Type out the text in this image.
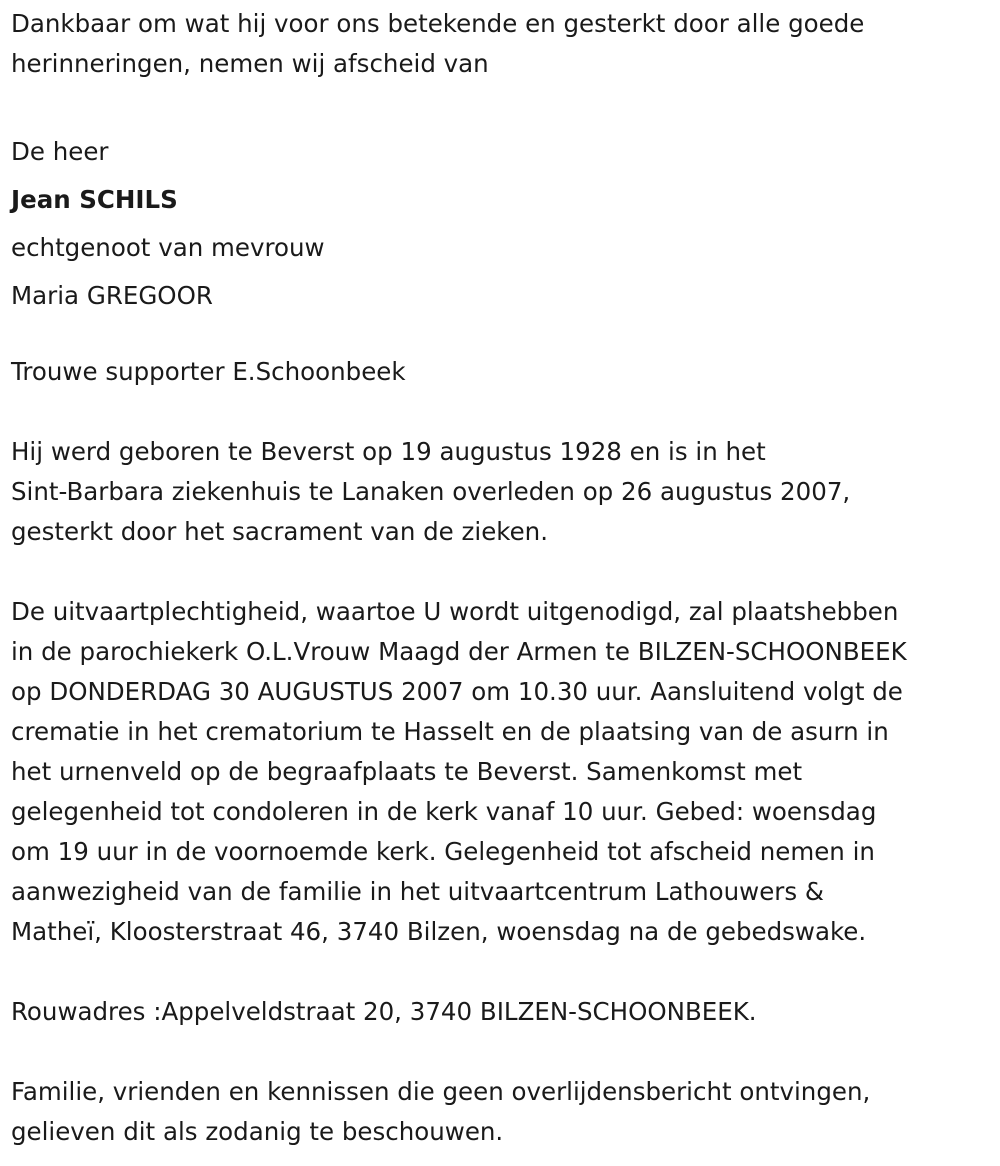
Dankbaar om wat hij voor ons betekende en gesterkt door alle goede
herinneringen, nemen wij afscheid van

De heer
Jean SCHILS
echtgenoot van mevrouw
Maria GREGOOR

Trouwe supporter E.Schoonbeek

Hij werd geboren te Beverst op 19 augustus 1928 en is in het
Sint-Barbara ziekenhuis te Lanaken overleden op 26 augustus 2007,
gesterkt door het sacrament van de zieken.

De uitvaartplechtigheid, waartoe U wordt uitgenodigd, zal plaatshebben
in de parochiekerk O.L.Vrouw Maagd der Armen te BILZEN-SCHOONBEEK
op DONDERDAG 30 AUGUSTUS 2007 om 10.30 uur. Aansluitend volgt de
crematie in het crematorium te Hasselt en de plaatsing van de asurn in
het urnenveld op de begraafplaats te Beverst. Samenkomst met
gelegenheid tot condoleren in de kerk vanaf 10 uur. Gebed: woensdag
om 19 uur in de voornoemde kerk. Gelegenheid tot afscheid nemen in
aanwezigheid van de familie in het uitvaartcentrum Lathouwers &
Matheï, Kloosterstraat 46, 3740 Bilzen, woensdag na de gebedswake.

Rouwadres :Appelveldstraat 20, 3740 BILZEN-SCHOONBEEK.

Familie, vrienden en kennissen die geen overlijdensbericht ontvingen,
gelieven dit als zodanig te beschouwen.
